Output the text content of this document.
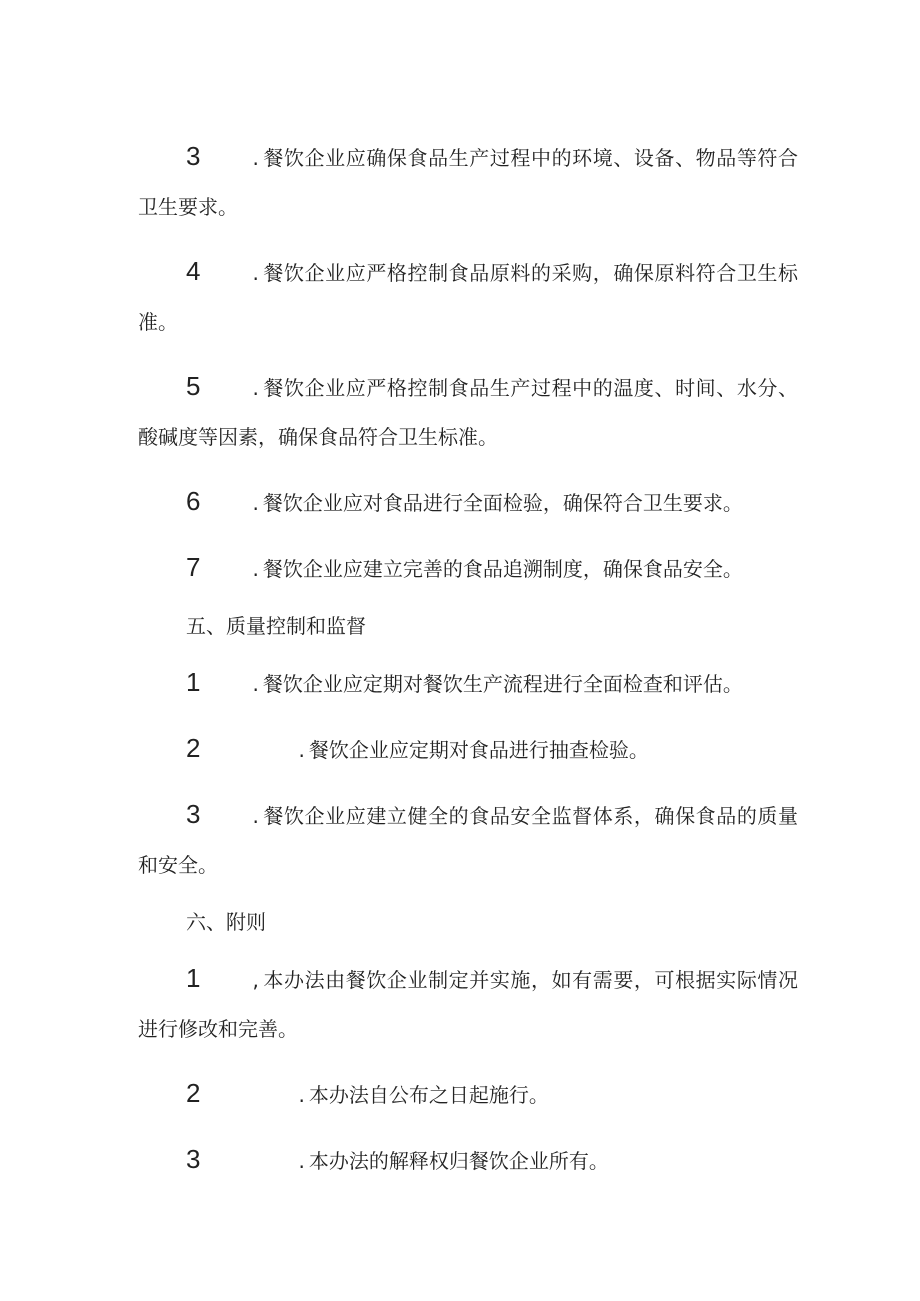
3	. 餐饮企业应确保食品生产过程中的环境、设备、物品等符合卫生要求。

4	. 餐饮企业应严格控制食品原料的采购，确保原料符合卫生标准。

5	. 餐饮企业应严格控制食品生产过程中的温度、时间、水分、酸碱度等因素，确保食品符合卫生标准。

6	. 餐饮企业应对食品进行全面检验，确保符合卫生要求。

7	. 餐饮企业应建立完善的食品追溯制度，确保食品安全。

五、质量控制和监督

1	. 餐饮企业应定期对餐饮生产流程进行全面检查和评估。

2	. 餐饮企业应定期对食品进行抽查检验。

3	. 餐饮企业应建立健全的食品安全监督体系，确保食品的质量和安全。

六、附则

1	, 本办法由餐饮企业制定并实施，如有需要，可根据实际情况进行修改和完善。

2	. 本办法自公布之日起施行。

3	. 本办法的解释权归餐饮企业所有。
